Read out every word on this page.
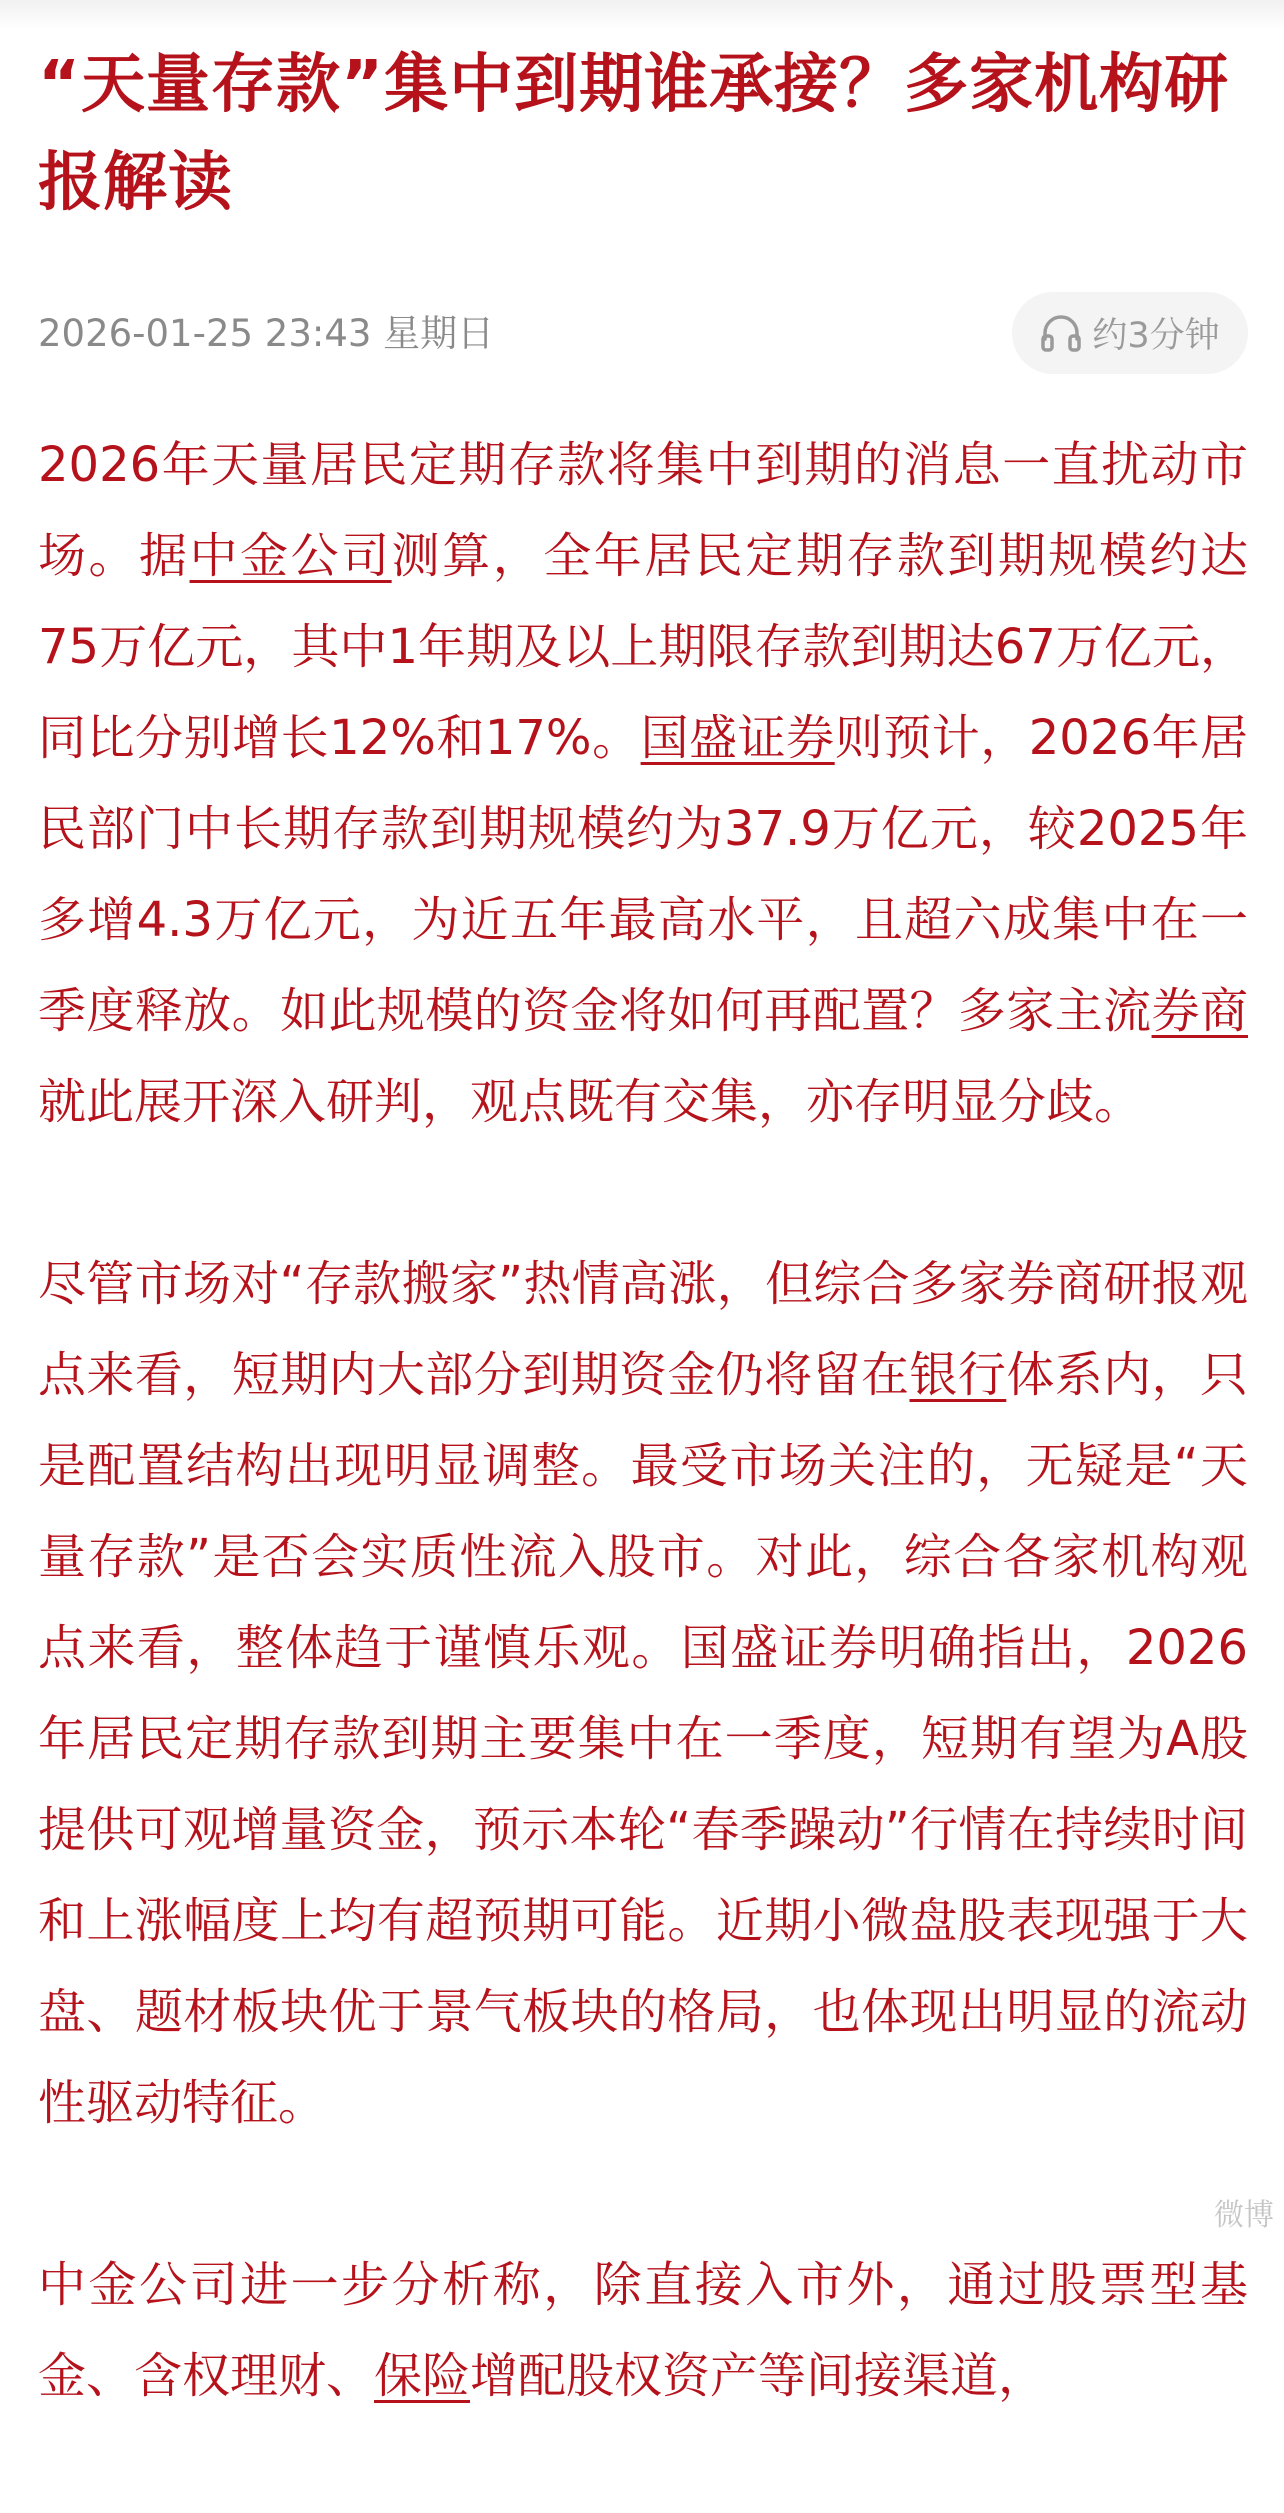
“天量存款”集中到期谁承接？多家机构研报解读
2026-01-25 23:43 星期日	约3分钟

2026年天量居民定期存款将集中到期的消息一直扰动市场。据中金公司测算，全年居民定期存款到期规模约达75万亿元，其中1年期及以上期限存款到期达67万亿元，同比分别增长12%和17%。国盛证券则预计，2026年居民部门中长期存款到期规模约为37.9万亿元，较2025年多增4.3万亿元，为近五年最高水平，且超六成集中在一季度释放。如此规模的资金将如何再配置？多家主流券商就此展开深入研判，观点既有交集，亦存明显分歧。

尽管市场对“存款搬家”热情高涨，但综合多家券商研报观点来看，短期内大部分到期资金仍将留在银行体系内，只是配置结构出现明显调整。最受市场关注的，无疑是“天量存款”是否会实质性流入股市。对此，综合各家机构观点来看，整体趋于谨慎乐观。国盛证券明确指出，2026年居民定期存款到期主要集中在一季度，短期有望为A股提供可观增量资金，预示本轮“春季躁动”行情在持续时间和上涨幅度上均有超预期可能。近期小微盘股表现强于大盘、题材板块优于景气板块的格局，也体现出明显的流动性驱动特征。

中金公司进一步分析称，除直接入市外，通过股票型基金、含权理财、保险增配股权资产等间接渠道，

微博
